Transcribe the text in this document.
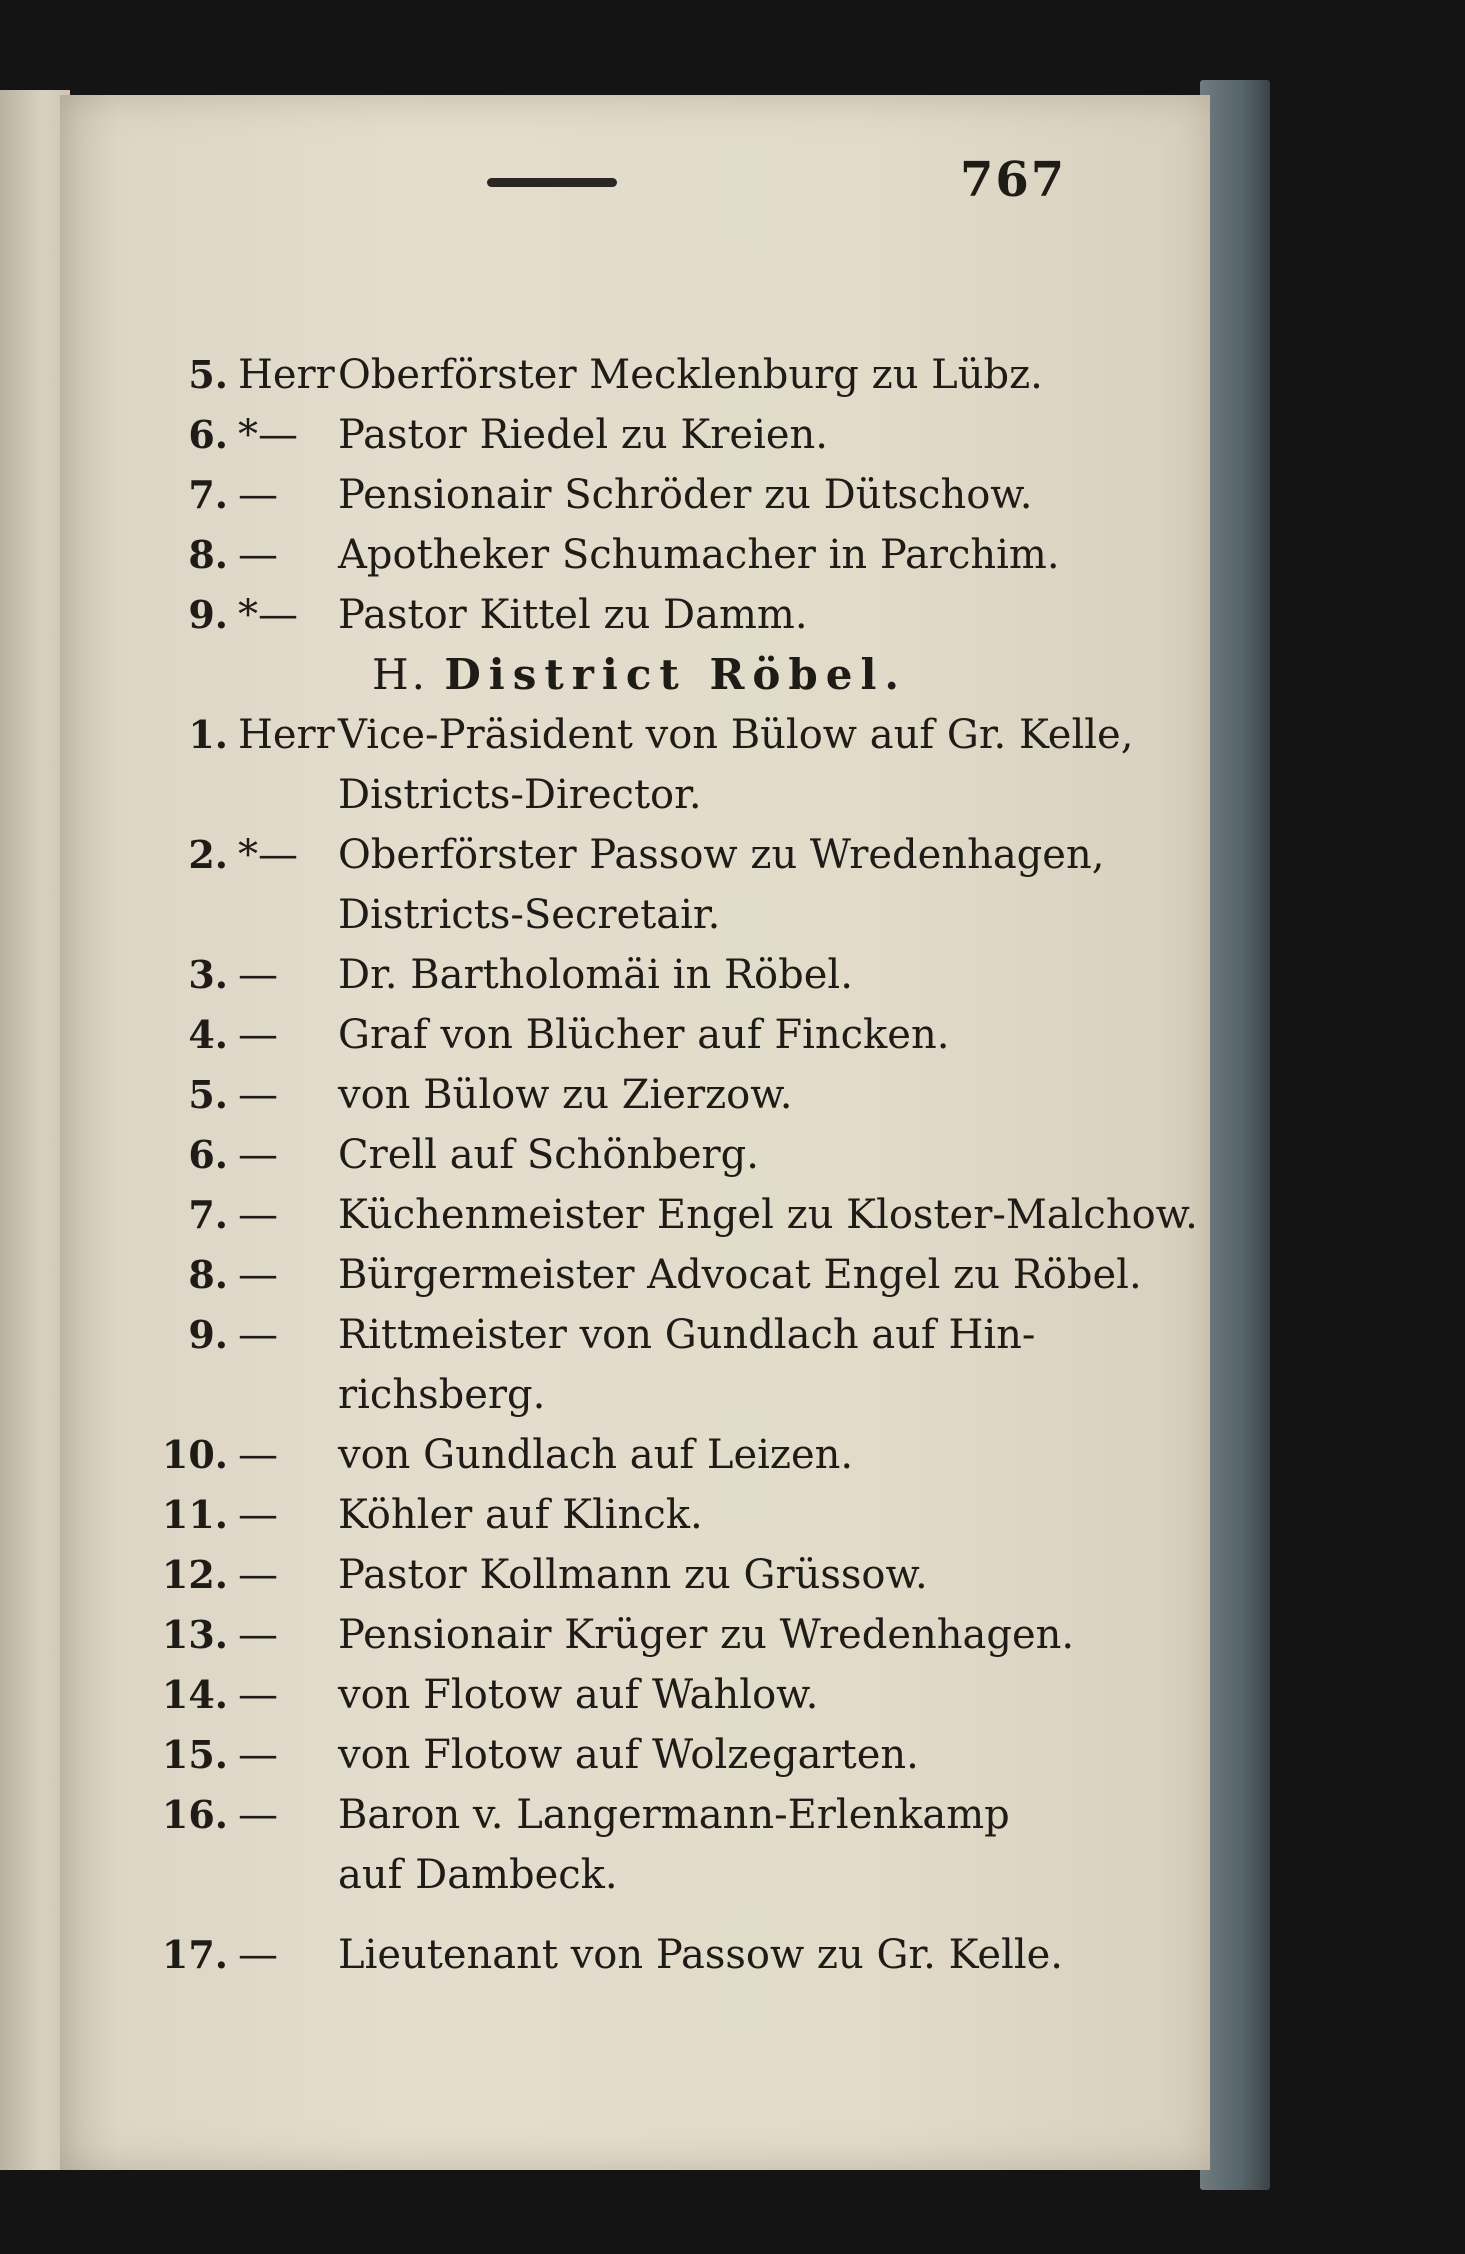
767
5. Herr Oberförster Mecklenburg zu Lübz.
6. *—	Pastor Riedel zu Kreien.
7. —	Pensionair Schröder zu Dütschow.
8. —	Apotheker Schumacher in Parchim.
9. *—	Pastor Kittel zu Damm.
H. District Röbel.
1. Herr Vice-Präsident von Bülow auf Gr. Kelle,
Districts-Director.
2. *—	Oberförster Passow zu Wredenhagen,
Districts-Secretair.
3. —	Dr. Bartholomäi in Röbel.
4. —	Graf von Blücher auf Fincken.
5. —	von Bülow zu Zierzow.
6. —	Crell auf Schönberg.
7. —	Küchenmeister Engel zu Kloster-Malchow.
8. —	Bürgermeister Advocat Engel zu Röbel.
9. —	Rittmeister von Gundlach auf Hin-
richsberg.
10. —	von Gundlach auf Leizen.
11. —	Köhler auf Klinck.
12. —	Pastor Kollmann zu Grüssow.
13. —	Pensionair Krüger zu Wredenhagen.
14. —	von Flotow auf Wahlow.
15. —	von Flotow auf Wolzegarten.
16. —	Baron v. Langermann-Erlenkamp
auf Dambeck.
17. —	Lieutenant von Passow zu Gr. Kelle.
